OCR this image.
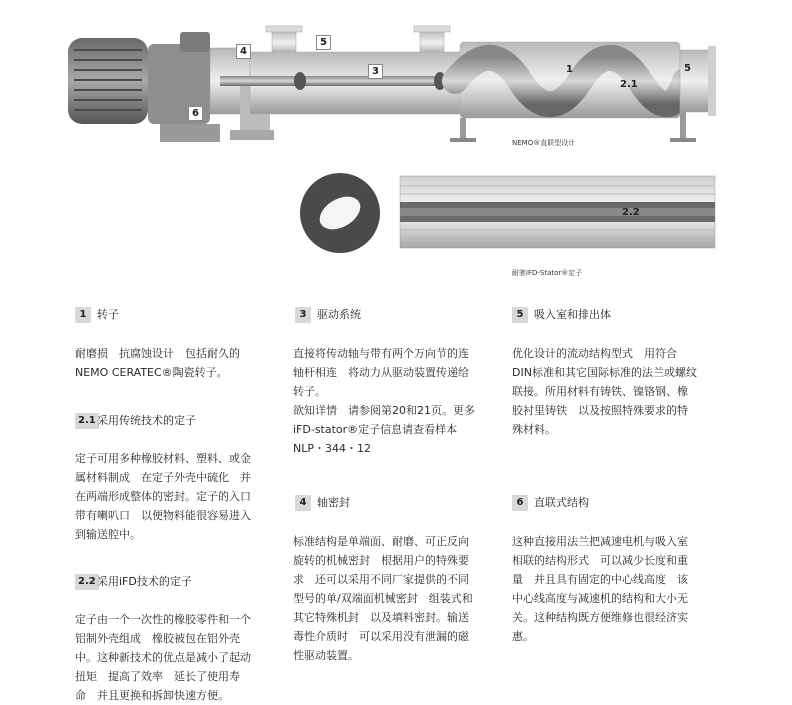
4
5
3	1
2.1
5
6
NEMO®直联型设计
2.2
耐驰iFD-Stator®定子
1 转子
耐磨损　抗腐蚀设计　包括耐久的
NEMO CERATEC®陶瓷转子。
2.1 采用传统技术的定子
定子可用多种橡胶材料、塑料、或金
属材料制成　在定子外壳中硫化　并
在两端形成整体的密封。定子的入口
带有喇叭口　以便物料能很容易进入
到输送腔中。
2.2 采用iFD技术的定子
定子由一个一次性的橡胶零件和一个
铝制外壳组成　橡胶被包在铝外壳
中。这种新技术的优点是减小了起动
扭矩　提高了效率　延长了使用寿
命　并且更换和拆卸快速方便。
3 驱动系统
直接将传动轴与带有两个万向节的连
轴杆相连　将动力从驱动装置传递给
转子。
欲知详情　请参阅第20和21页。更多
iFD-stator®定子信息请查看样本
NLP・344・12
4 轴密封
标准结构是单端面、耐磨、可正反向
旋转的机械密封　根据用户的特殊要
求　还可以采用不同厂家提供的不同
型号的单/双端面机械密封　组装式和
其它特殊机封　以及填料密封。输送
毒性介质时　可以采用没有泄漏的磁
性驱动装置。
5 吸入室和排出体
优化设计的流动结构型式　用符合
DIN标准和其它国际标准的法兰或螺纹
联接。所用材料有铸铁、镍铬钢、橡
胶衬里铸铁　以及按照特殊要求的特
殊材料。
6 直联式结构
这种直接用法兰把减速电机与吸入室
相联的结构形式　可以减少长度和重
量　并且具有固定的中心线高度　该
中心线高度与减速机的结构和大小无
关。这种结构既方便维修也很经济实
惠。
